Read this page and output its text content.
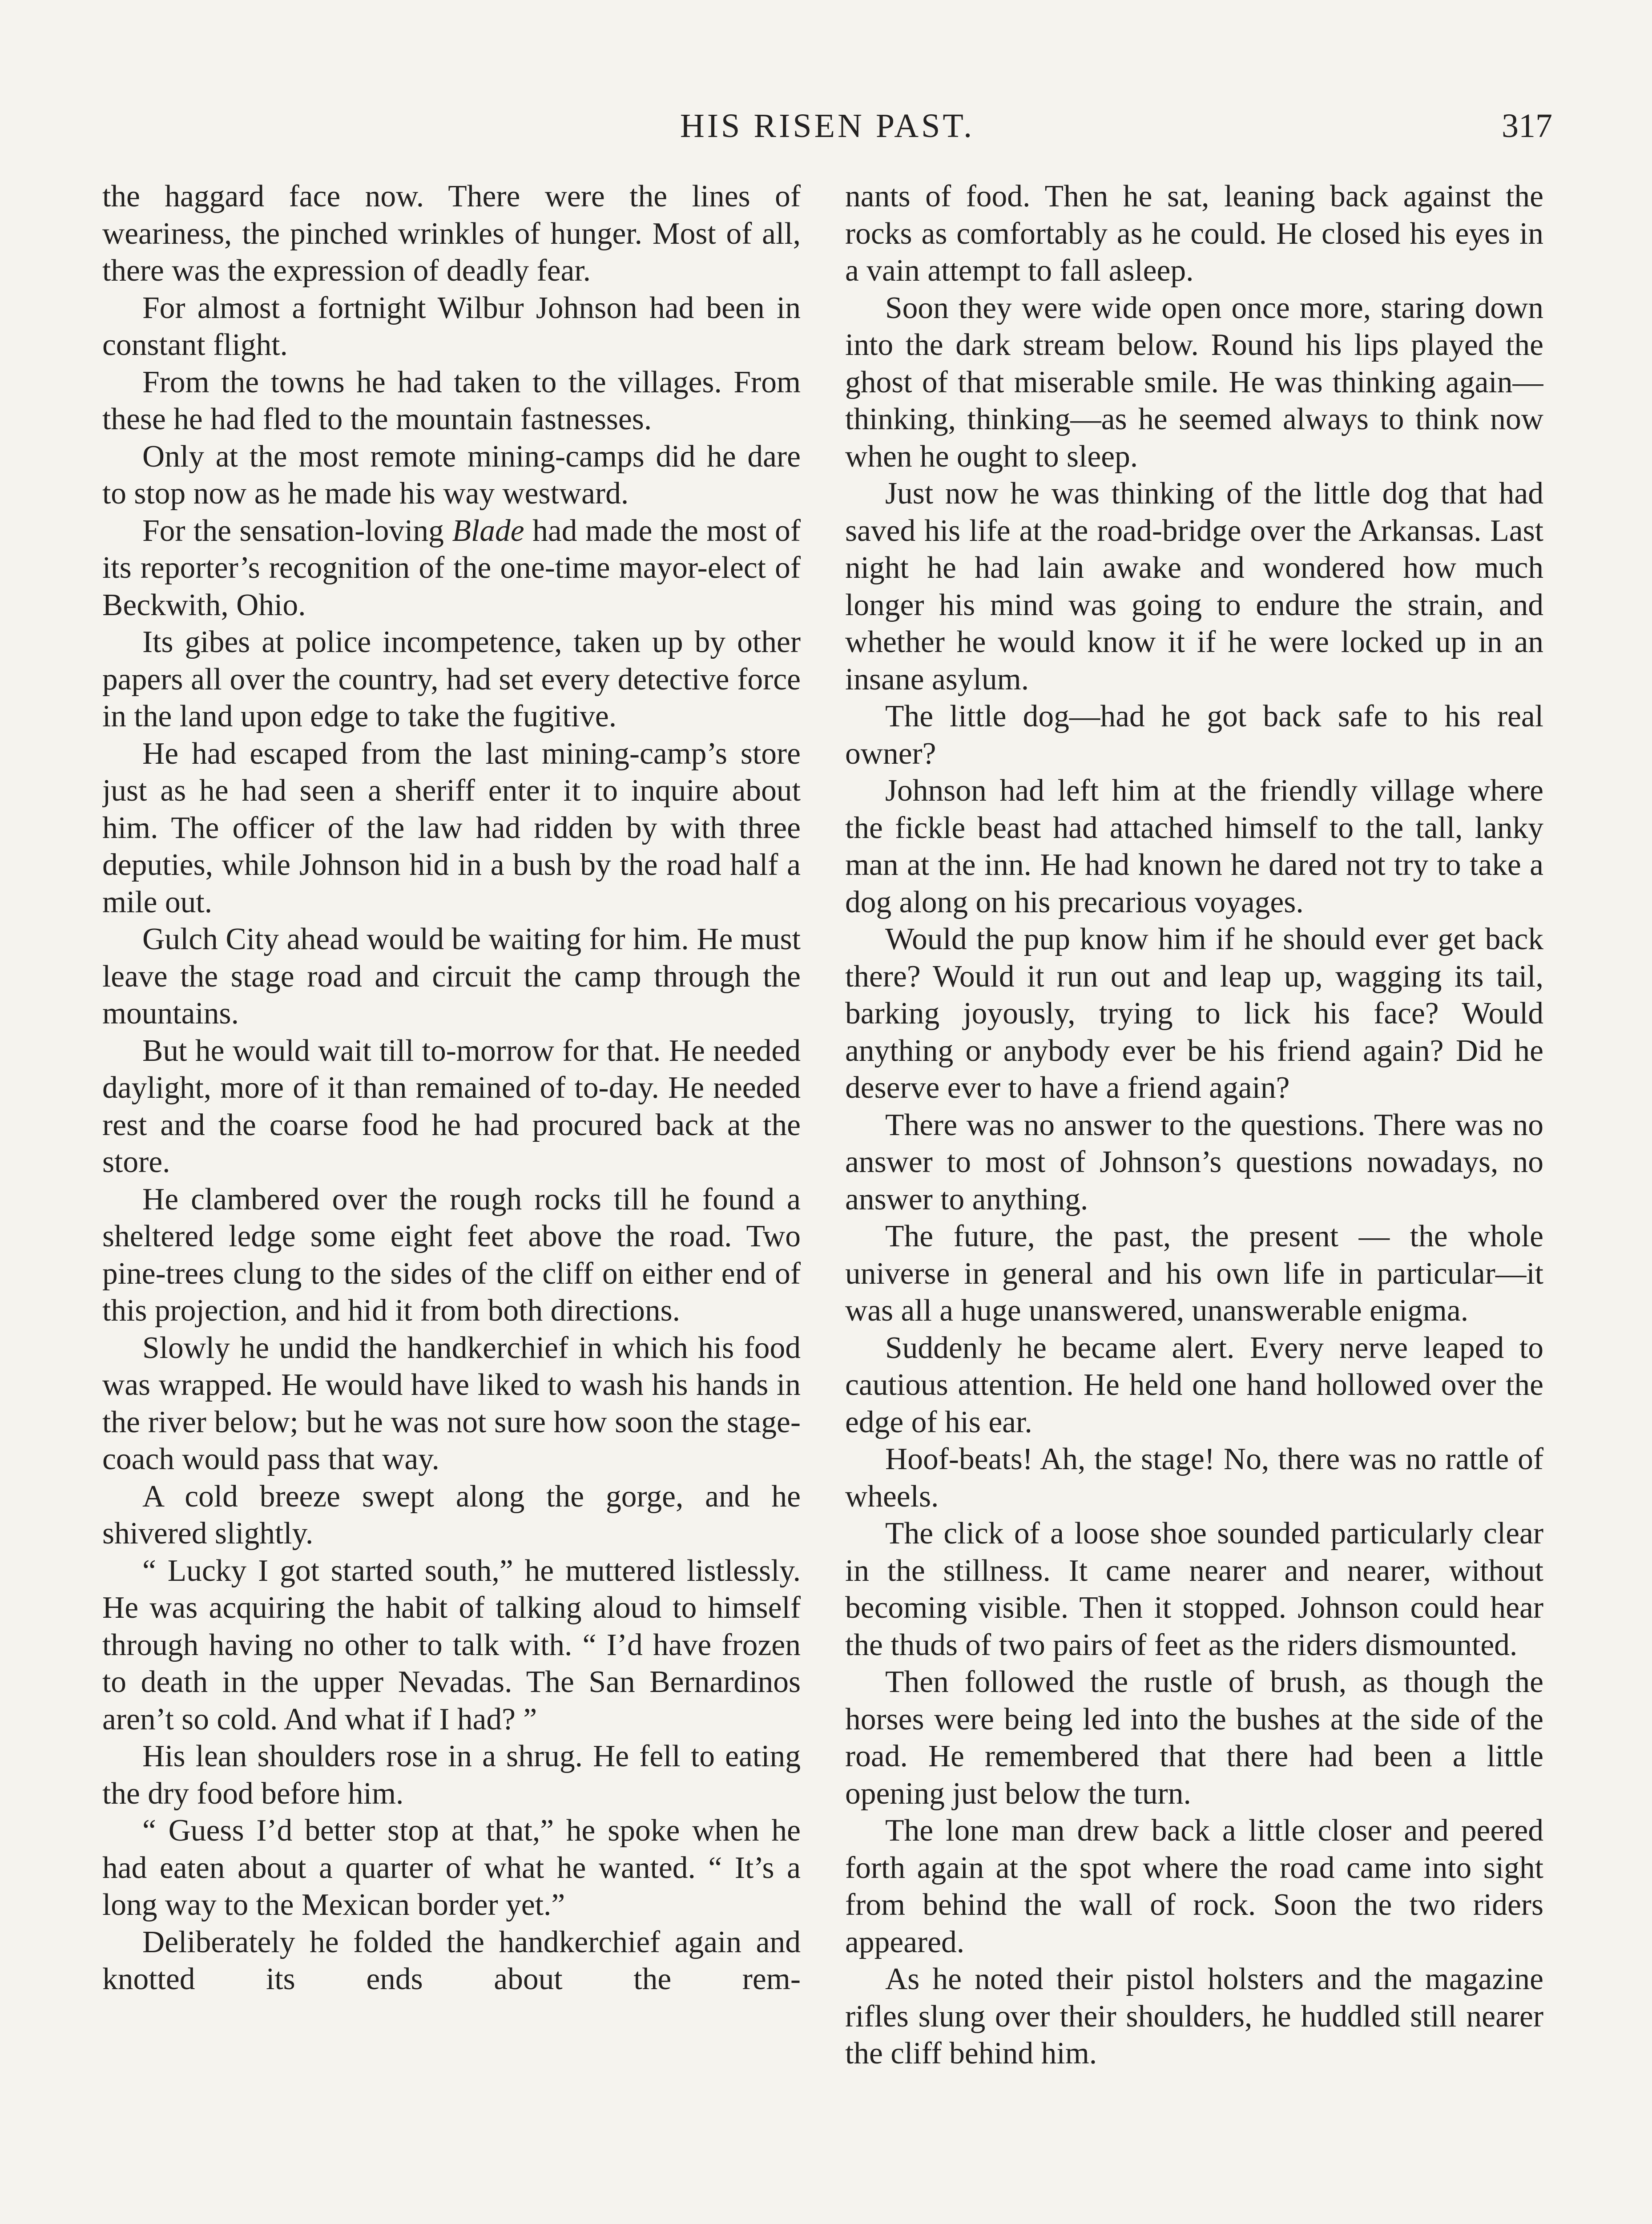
HIS RISEN PAST.	317

the haggard face now. There were the lines of weariness, the pinched wrinkles of hunger. Most of all, there was the expression of deadly fear.

For almost a fortnight Wilbur Johnson had been in constant flight.

From the towns he had taken to the villages. From these he had fled to the mountain fastnesses.

Only at the most remote mining-camps did he dare to stop now as he made his way westward.

For the sensation-loving Blade had made the most of its reporter’s recognition of the one-time mayor-elect of Beckwith, Ohio.

Its gibes at police incompetence, taken up by other papers all over the country, had set every detective force in the land upon edge to take the fugitive.

He had escaped from the last mining-camp’s store just as he had seen a sheriff enter it to inquire about him. The officer of the law had ridden by with three deputies, while Johnson hid in a bush by the road half a mile out.

Gulch City ahead would be waiting for him. He must leave the stage road and circuit the camp through the mountains.

But he would wait till to-morrow for that. He needed daylight, more of it than remained of to-day. He needed rest and the coarse food he had procured back at the store.

He clambered over the rough rocks till he found a sheltered ledge some eight feet above the road. Two pine-trees clung to the sides of the cliff on either end of this projection, and hid it from both directions.

Slowly he undid the handkerchief in which his food was wrapped. He would have liked to wash his hands in the river below; but he was not sure how soon the stage-coach would pass that way.

A cold breeze swept along the gorge, and he shivered slightly.

“ Lucky I got started south,” he muttered listlessly. He was acquiring the habit of talking aloud to himself through having no other to talk with. “ I’d have frozen to death in the upper Nevadas. The San Bernardinos aren’t so cold. And what if I had? ”

His lean shoulders rose in a shrug. He fell to eating the dry food before him.

“ Guess I’d better stop at that,” he spoke when he had eaten about a quarter of what he wanted. “ It’s a long way to the Mexican border yet.”

Deliberately he folded the handkerchief again and knotted its ends about the rem-

nants of food. Then he sat, leaning back against the rocks as comfortably as he could. He closed his eyes in a vain attempt to fall asleep.

Soon they were wide open once more, staring down into the dark stream below. Round his lips played the ghost of that miserable smile. He was thinking again—thinking, thinking—as he seemed always to think now when he ought to sleep.

Just now he was thinking of the little dog that had saved his life at the road-bridge over the Arkansas. Last night he had lain awake and wondered how much longer his mind was going to endure the strain, and whether he would know it if he were locked up in an insane asylum.

The little dog—had he got back safe to his real owner?

Johnson had left him at the friendly village where the fickle beast had attached himself to the tall, lanky man at the inn. He had known he dared not try to take a dog along on his precarious voyages.

Would the pup know him if he should ever get back there? Would it run out and leap up, wagging its tail, barking joyously, trying to lick his face? Would anything or anybody ever be his friend again? Did he deserve ever to have a friend again?

There was no answer to the questions. There was no answer to most of Johnson’s questions nowadays, no answer to anything.

The future, the past, the present — the whole universe in general and his own life in particular—it was all a huge unanswered, unanswerable enigma.

Suddenly he became alert. Every nerve leaped to cautious attention. He held one hand hollowed over the edge of his ear.

Hoof-beats! Ah, the stage! No, there was no rattle of wheels.

The click of a loose shoe sounded particularly clear in the stillness. It came nearer and nearer, without becoming visible. Then it stopped. Johnson could hear the thuds of two pairs of feet as the riders dismounted.

Then followed the rustle of brush, as though the horses were being led into the bushes at the side of the road. He remembered that there had been a little opening just below the turn.

The lone man drew back a little closer and peered forth again at the spot where the road came into sight from behind the wall of rock. Soon the two riders appeared.

As he noted their pistol holsters and the magazine rifles slung over their shoulders, he huddled still nearer the cliff behind him.
